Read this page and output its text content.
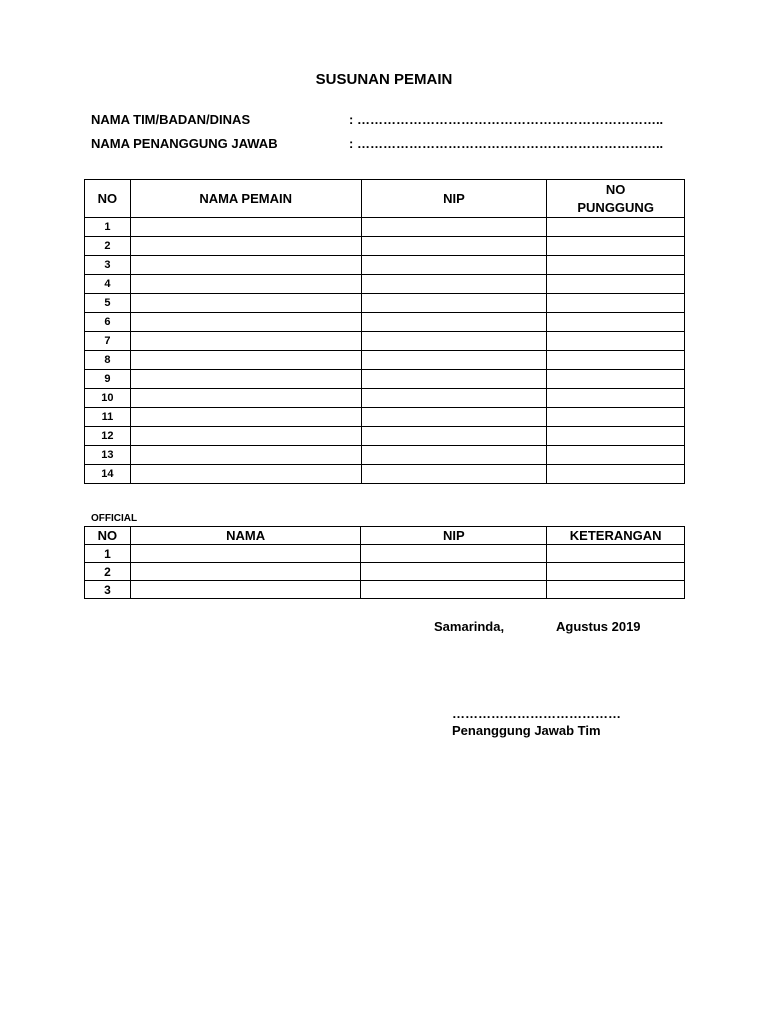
SUSUNAN PEMAIN
NAMA TIM/BADAN/DINAS	: ……………………………………………………………..
NAMA PENANGGUNG JAWAB	: ……………………………………………………………..
NO	NAMA PEMAIN	NIP	NO PUNGGUNG
1			
2			
3			
4			
5			
6			
7			
8			
9			
10			
11			
12			
13			
14			
OFFICIAL
NO	NAMA	NIP	KETERANGAN
1			
2			
3			
Samarinda,	Agustus 2019
…………………………………
Penanggung Jawab Tim
